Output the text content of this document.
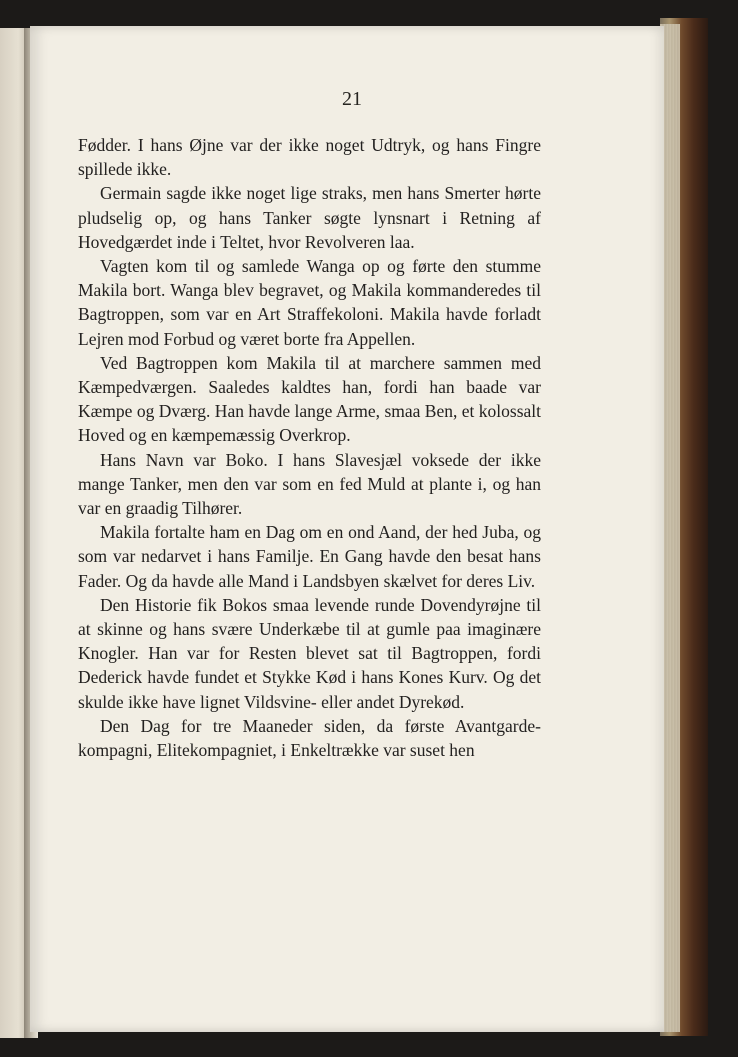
21

Fødder. I hans Øjne var der ikke noget Udtryk, og hans Fingre spillede ikke.

Germain sagde ikke noget lige straks, men hans Smerter hørte pludselig op, og hans Tanker søgte lynsnart i Retning af Hovedgærdet inde i Teltet, hvor Revolveren laa.

Vagten kom til og samlede Wanga op og førte den stumme Makila bort. Wanga blev begravet, og Makila kommanderedes til Bagtroppen, som var en Art Straffekoloni. Makila havde forladt Lejren mod Forbud og været borte fra Appellen.

Ved Bagtroppen kom Makila til at marchere sammen med Kæmpedværgen. Saaledes kaldtes han, fordi han baade var Kæmpe og Dværg. Han havde lange Arme, smaa Ben, et kolossalt Hoved og en kæmpemæssig Overkrop.

Hans Navn var Boko. I hans Slavesjæl voksede der ikke mange Tanker, men den var som en fed Muld at plante i, og han var en graadig Tilhører.

Makila fortalte ham en Dag om en ond Aand, der hed Juba, og som var nedarvet i hans Familje. En Gang havde den besat hans Fader. Og da havde alle Mand i Landsbyen skælvet for deres Liv.

Den Historie fik Bokos smaa levende runde Dovendyrøjne til at skinne og hans svære Underkæbe til at gumle paa imaginære Knogler. Han var for Resten blevet sat til Bagtroppen, fordi Dederick havde fundet et Stykke Kød i hans Kones Kurv. Og det skulde ikke have lignet Vildsvine- eller andet Dyrekød.

Den Dag for tre Maaneder siden, da første Avantgardekompagni, Elitekompagniet, i Enkeltrække var suset hen
